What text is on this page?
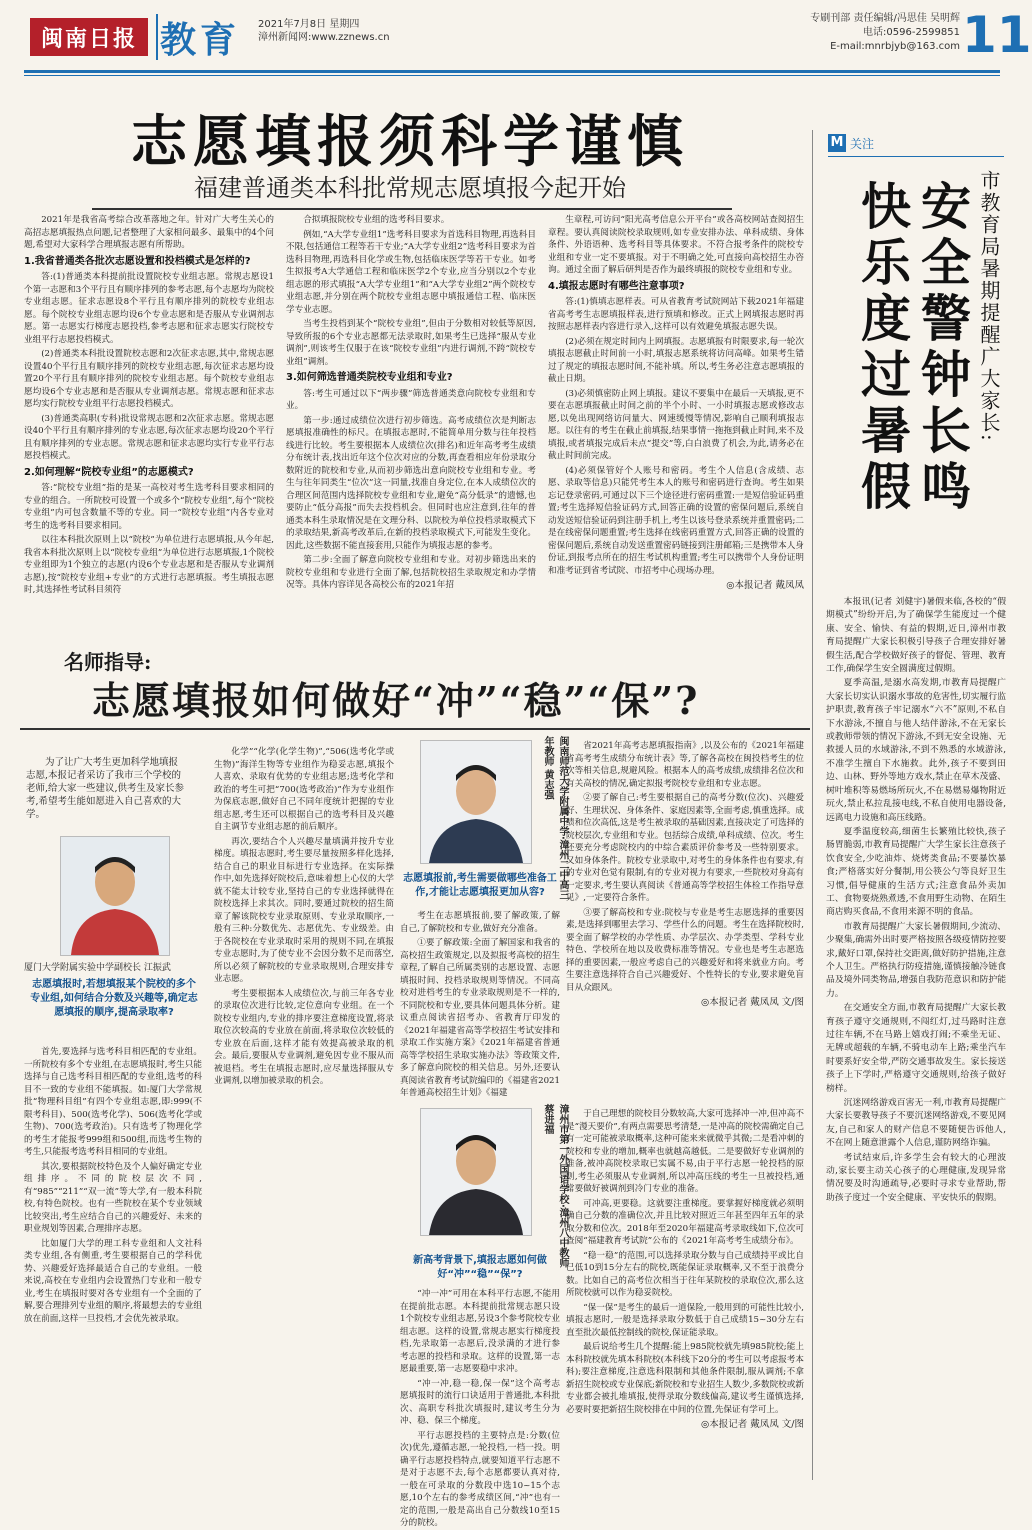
闽南日报 教育 2021年7月8日 星期四
漳州新闻网:www.zznews.cn
专刷刊部 责任编辑/冯思佳 吴明辉
电话:0596-2599851
E-mail:mnrbjyb@163.com 11
志愿填报须科学谨慎
福建普通类本科批常规志愿填报今起开始

2021年是我省高考综合改革落地之年。针对广大考生关心的高招志愿填报热点问题,记者整理了大家相问最多、最集中的4个问题,希望对大家科学合理填报志愿有所帮助。

1.我省普通类各批次志愿设置和投档模式是怎样的?

答:(1)普通类本科提前批设置院校专业组志愿。常规志愿设1个第一志愿和3个平行且有顺序排列的参考志愿,每个志愿均为院校专业组志愿。征求志愿设8个平行且有顺序排列的院校专业组志愿。每个院校专业组志愿均设6个专业志愿和是否服从专业调剂志愿。第一志愿实行梯度志愿投档,参考志愿和征求志愿实行院校专业组平行志愿投档模式。

(2)普通类本科批设置院校志愿和2次征求志愿,其中,常规志愿设置40个平行且有顺序排列的院校专业组志愿,每次征求志愿均设置20个平行且有顺序排列的院校专业组志愿。每个院校专业组志愿均设6个专业志愿和是否服从专业调剂志愿。常规志愿和征求志愿均实行院校专业组平行志愿投档模式。

(3)普通类高职(专科)批设常规志愿和2次征求志愿。常规志愿设40个平行且有顺序排列的专业志愿,每次征求志愿均设20个平行且有顺序排列的专业志愿。常规志愿和征求志愿均实行专业平行志愿投档模式。

2.如何理解“院校专业组”的志愿模式?

答:“院校专业组”指的是某一高校对考生选考科目要求相同的专业的组合。一所院校可设置一个或多个“院校专业组”,每个“院校专业组”内可包含数量不等的专业。同一“院校专业组”内各专业对考生的选考科目要求相同。

以往本科批次原则上以“院校”为单位进行志愿填报,从今年起,我省本科批次原则上以“院校专业组”为单位进行志愿填报,1个院校专业组即为1个独立的志愿(内设6个专业志愿和是否服从专业调剂志愿),按“院校专业组+专业”的方式进行志愿填报。考生填报志愿时,其选择性考试科目须符

合拟填报院校专业组的选考科目要求。

例如,“A大学专业组1”选考科目要求为首选科目物理,再选科目不限,包括通信工程等若干专业;“A大学专业组2”选考科目要求为首选科目物理,再选科目化学或生物,包括临床医学等若干专业。如考生拟报考A大学通信工程和临床医学2个专业,应当分别以2个专业组志愿的形式填报“A大学专业组1”和“A大学专业组2”两个院校专业组志愿,并分别在两个院校专业组志愿中填报通信工程、临床医学专业志愿。

当考生投档到某个“院校专业组”,但由于分数相对较低等原因,导致所报的6个专业志愿都无法录取时,如果考生已选择“服从专业调剂”,则该考生仅服于在该“院校专业组”内进行调剂,不跨“院校专业组”调剂。

3.如何筛选普通类院校专业组和专业?

答:考生可通过以下“两步骤”筛选普通类意向院校专业组和专业。

第一步:通过成绩位次进行初步筛选。高考成绩位次是判断志愿填报准确性的标尺。在填报志愿时,不能简单用分数与往年投档线进行比较。考生要根据本人成绩位次(排名)和近年高考考生成绩分布统计表,找出近年这个位次对应的分数,再查看相应年份录取分数附近的院校和专业,从而初步筛选出意向院校专业组和专业。考生与往年同类生“位次”这一同量,找准自身定位,在本人成绩位次的合理区间范围内选择院校专业组和专业,避免“高分低录”的遗憾,也要防止“低分高报”而失去投档机会。但同时也应注意到,往年的普通类本科生录取情况是在文理分科、以院校为单位投档录取模式下的录取结果,新高考改革后,在新的投档录取模式下,可能发生变化。因此,这些数据不能直接套用,只能作为填报志愿的参考。

第二步:全面了解意向院校专业组和专业。对初步筛选出来的院校专业组和专业进行全面了解,包括院校招生录取规定和办学情况等。具体内容详见各高校公布的2021年招

生章程,可访问“阳光高考信息公开平台”或各高校网站查阅招生章程。要认真阅读院校录取规则,如专业安排办法、单科成绩、身体条件、外语语种、选考科目等具体要求。不符合报考条件的院校专业组和专业一定不要填报。对于不明确之处,可直接向高校招生办咨询。通过全面了解后研判是否作为最终填报的院校专业组和专业。

4.填报志愿时有哪些注意事项?

答:(1)慎填志愿样表。可从省教育考试院网站下载2021年福建省高考考生志愿填报样表,进行预填和修改。正式上网填报志愿时再按照志愿样表内容进行录入,这样可以有效避免填报志愿失误。

(2)必须在规定时间内上网填报。志愿填报有时限要求,每一轮次填报志愿截止时间前一小时,填报志愿系统将访问高峰。如果考生错过了规定的填报志愿时间,不能补填。所以,考生务必注意志愿填报的截止日期。

(3)必须慎密防止网上填报。建议不要集中在最后一天填报,更不要在志愿填报截止时间之前的半个小时、一小时填报志愿或修改志愿,以免出现网络访问量大、网速缓慢等情况,影响自己顺利填报志愿。以往有的考生在截止前填报,结果事情一拖拖到截止时间,来不及填报,或者填报完成后未点“提交”等,白白浪费了机会,为此,请务必在截止时间前完成。

(4)必须保管好个人账号和密码。考生个人信息(含成绩、志愿、录取等信息)只能凭考生本人的账号和密码进行查询。考生如果忘记登录密码,可通过以下三个途径进行密码重置:一是短信验证码重置;考生选择短信验证码方式,回答正确的设置的密保问题后,系统自动发送短信验证码到注册手机上,考生以该号登录系统并重置密码;二是在线密保问题重置;考生选择在线密码重置方式,回答正确的设置的密保问题后,系统自动发送重置密码链接到注册邮箱;三是携带本人身份证,到报考点所在的招生考试机构重置;考生可以携带个人身份证明和准考证到省考试院、市招考中心现场办理。

◎本报记者 戴凤凤
M 关注
市教育局暑期提醒广大家长:
安全警钟长鸣
快乐度过暑假

本报讯(记者 刘健宇)暑假来临,各校的“假期模式”纷纷开启,为了确保学生能度过一个健康、安全、愉快、有益的假期,近日,漳州市教育局提醒广大家长积极引导孩子合理安排好暑假生活,配合学校做好孩子的督促、管理、教育工作,确保学生安全圆满度过假期。

夏季高温,是溺水高发期,市教育局提醒广大家长切实认识溺水事故的危害性,切实履行监护职责,教育孩子牢记溺水“六不”原则,不私自下水游泳,不擅自与他人结伴游泳,不在无家长或教师带领的情况下游泳,不到无安全设施、无救援人员的水域游泳,不到不熟悉的水域游泳,不准学生擅自下水施救。此外,孩子不要到田边、山林、野外等地方戏水,禁止在草木茂盛、树叶堆积等易燃场所玩火,不在易燃易爆物附近玩火,禁止私拉乱接电线,不私自使用电器设备,远离电力设施和高压线路。

夏季温度较高,细菌生长繁殖比较快,孩子肠胃脆弱,市教育局提醒广大学生家长注意孩子饮食安全,少吃油炸、烧烤类食品;不要暴饮暴食;严格落实好分餐制,用公筷公勺等良好卫生习惯,倡导健康的生活方式;注意食品外卖加工、食物要烧熟煮透,不食用野生动物、在陌生商店购买食品,不食用来源不明的食品。

市教育局提醒广大家长暑假期间,少流动、少聚集,确需外出时要严格按照各级疫情防控要求,戴好口罩,保持社交距离,做好防护措施,注意个人卫生。严格执行防疫措施,谨慎接触冷链食品及境外同类物品,增强自我防范意识和防护能力。

在交通安全方面,市教育局提醒广大家长教育孩子遵守交通规则,不闯红灯,过马路时注意过往车辆,不在马路上嬉戏打闹;不乘坐无证、无牌或超载的车辆,不骑电动车上路;乘坐汽车时要系好安全带,严防交通事故发生。家长接送孩子上下学时,严格遵守交通规则,给孩子做好榜样。

沉迷网络游戏百害无一利,市教育局提醒广大家长要教导孩子不要沉迷网络游戏,不要见网友,自己和家人的财产信息不要随便告诉他人,不在网上随意泄露个人信息,谨防网络诈骗。

考试结束后,许多学生会有较大的心理波动,家长要主动关心孩子的心理健康,发现异常情况要及时沟通疏导,必要时寻求专业帮助,帮助孩子度过一个安全健康、平安快乐的假期。

名师指导:
志愿填报如何做好“冲”“稳”“保”?
为了让广大考生更加科学地填报志愿,本报记者采访了我市三个学校的老师,给大家一些建议,供考生及家长参考,希望考生能如愿进入自己喜欢的大学。
厦门大学附属实验中学副校长 江振武
志愿填报时,若想填报某个院校的多个专业组,如何结合分数及兴趣等,确定志愿填报的顺序,提高录取率?

首先,要选择与选考科目相匹配的专业组。一所院校有多个专业组,在志愿填报时,考生只能选择与自己选考科目相匹配的专业组,选考的科目不一致的专业组不能填报。如:厦门大学常规批“物理科目组”有四个专业组志愿,即:999(不限考科目)、500(选考化学)、506(选考化学或生物)、700(选考政治)。只有选考了物理化学的考生才能报考999组和500组,而选考生物的考生,只能报考选考科目相同的专业组。

其次,要根据院校特色及个人偏好确定专业组排序。不同的院校层次不同,有“985”“211”“双一流”等大学,有一般本科院校,有特色院校。也有一些院校在某个专业领域比较突出,考生应结合自己的兴趣爱好、未来的职业规划等因素,合理排序志愿。

比如厦门大学的理工科专业组和人文社科类专业组,各有侧重,考生要根据自己的学科优势、兴趣爱好选择最适合自己的专业组。一般来说,高校在专业组内会设置热门专业和一般专业,考生在填报时要对各专业组有一个全面的了解,要合理排列专业组的顺序,将最想去的专业组放在前面,这样一旦投档,才会优先被录取。

化学”“化学(化学生物)”,“506(选考化学或生物)”海洋生物等专业组作为稳妥志愿,填报个人喜欢、录取有优势的专业组志愿;选考化学和政治的考生可把“700(选考政治)”作为专业组作为保底志愿,做好自己不同年度统计把握的专业组志愿,考生还可以根据自己的选考科目及兴趣自主调节专业组志愿的前后顺序。

再次,要结合个人兴趣尽量填满并按升专业梯度。填报志愿时,考生要尽量按照多样化选择,结合自己的职业目标进行专业选择。在实际操作中,如先选择好院校后,意味着想上心仪的大学就不能太计较专业,坚持自己的专业选择就得在院校选择上求其次。同时,要通过院校的招生简章了解该院校专业录取原则、专业录取顺序,一般有三种:分数优先、志愿优先、专业级差。由于各院校在专业录取时采用的规则不同,在填报专业志愿时,为了使专业不会因分数不足而落空,所以必须了解院校的专业录取规则,合理安排专业志愿。

考生要根据本人成绩位次,与前三年各专业的录取位次进行比较,定位意向专业组。在一个院校专业组内,专业的排序要注意梯度设置,将录取位次较高的专业放在前面,将录取位次较低的专业放在后面,这样才能有效提高被录取的机会。最后,要服从专业调剂,避免因专业不服从而被退档。考生在填报志愿时,应尽量选择服从专业调剂,以增加被录取的机会。

闽南师范大学附属中学·漳州二中高三年教师 黄志强
志愿填报前,考生需要做哪些准备工作,才能让志愿填报更加从容?

考生在志愿填报前,要了解政策,了解自己,了解院校和专业,做好充分准备。

①要了解政策:全面了解国家和我省的高校招生政策规定,以及拟报考高校的招生章程,了解自己所属类别的志愿设置、志愿填报时间、投档录取规则等情况。不同高校对进档考生的专业录取规则是不一样的,不同院校和专业,要具体问题具体分析。建议重点阅读省招考办、省教育厅印发的《2021年福建省高等学校招生考试安排和录取工作实施方案》《2021年福建省普通高等学校招生录取实施办法》等政策文件,多了解意向院校的相关信息。另外,还要认真阅读省教育考试院编印的《福建省2021年普通高校招生计划》《福建

省2021年高考志愿填报指南》,以及公布的《2021年福建省高考考生成绩分布统计表》等,了解各高校在闽投档考生的位次等相关信息,规避风险。根据本人的高考成绩,成绩排名位次和有关高校的情况,确定拟报考院校专业组和专业志愿。

②要了解自己:考生要根据自己的高考分数(位次)、兴趣爱好、生理状况、身体条件、家庭因素等,全面考虑,慎重选择。成绩和位次高低,这是考生被录取的基础因素,直接决定了可选择的院校层次,专业组和专业。包括综合成绩,单科成绩、位次。考生还要充分考虑院校内的中综合素质评价参考及一些特别要求。又如身体条件。院校专业录取中,对考生的身体条件也有要求,有的专业对色觉有限制,有的专业对视力有要求,一些院校对身高有一定要求,考生要认真阅读《普通高等学校招生体检工作指导意见》,一定要符合条件。

③要了解高校和专业:院校与专业是考生志愿选择的重要因素,是选择到哪里去学习、学些什么的问题。考生在选择院校时,要全面了解学校的办学性质、办学层次、办学类型、学科专业特色、学校所在地以及收费标准等情况。专业也是考生志愿选择的重要因素,一般应考虑自己的兴趣爱好和将来就业方向。考生要注意选择符合自己兴趣爱好、个性特长的专业,要求避免盲目从众跟风。

◎本报记者 戴凤凤 文/图
漳州市第一外国语学校·漳州八中教师 蔡进福
新高考背景下,填报志愿如何做好“冲”“稳”“保”?

“冲一冲”可用在本科平行志愿,不能用在提前批志愿。本科提前批常规志愿只设1个院校专业组志愿,另设3个参考院校专业组志愿。这样的设置,常规志愿实行梯度投档,先录取第一志愿后,没录满的才进行参考志愿的投档和录取。这样的设置,第一志愿最重要,第一志愿要稳中求冲。

“冲一冲,稳一稳,保一保”这个高考志愿填报时的流行口诀适用于普通批,本科批次、高职专科批次填报时,建议考生分为冲、稳、保三个梯度。

平行志愿投档的主要特点是:分数(位次)优先,遵循志愿,一轮投档,一档一投。明确平行志愿投档特点,就要知道平行志愿不是对于志愿不去,每个志愿都要认真对待,一般在可录取的分数段中选10~15个志愿,10个左右的参考成绩区间,“冲”也有一定的范围,一般是高出自己分数线10至15分的院校。

于自己理想的院校目分数较高,大家可选择冲一冲,但冲高不是“漫天要价”,有两点需要思考清楚,一是冲高的院校需确定自己有一定可能被录取概率,这种可能来来就微乎其微;二是看冲刺的院校和专业的增加,概率也就越高越低。二是要做好专业调剂的准备,被冲高院校录取已实属不易,由于平行志愿一轮投档的原则,考生必须服从专业调剂,所以冲高压线的考生一旦被投档,通常要做好被调剂到冷门专业的准备。

可冲高,更要稳。这就要注重梯度。要掌握好梯度就必须明确自己分数的准确位次,并且比较对照近三年甚至四年五年的录取分数和位次。2018年至2020年福建高考录取线如下,位次可查阅“福建教育考试院”公布的《2021年高考考生成绩分布》。

“稳一稳”的范围,可以选择录取分数与自己成绩持平或比自己低10到15分左右的院校,既能保证录取概率,又不至于浪费分数。比如自己的高考位次相当于往年某院校的录取位次,那么这所院校就可以作为稳妥院校。

“保一保”是考生的最后一道保险,一般用到的可能性比较小,填报志愿时,一般是选择录取分数低于自己成绩15~30分左右直至批次最低控制线的院校,保证能录取。

最后说给考生几个提醒:能上985院校就先填985院校;能上本科院校就先填本科院校(本科线下20分的考生可以考虑报考本科);要注意梯度,注意选科限制和其他条件限制,服从调剂;不拿新招生院校或专业保底;新院校和专业招生人数少,多数院校或新专业都会被扎堆填报,使得录取分数线偏高,建议考生谨慎选择,必要时要把新招生院校排在中间的位置,先保证有学可上。

◎本报记者 戴凤凤 文/图
